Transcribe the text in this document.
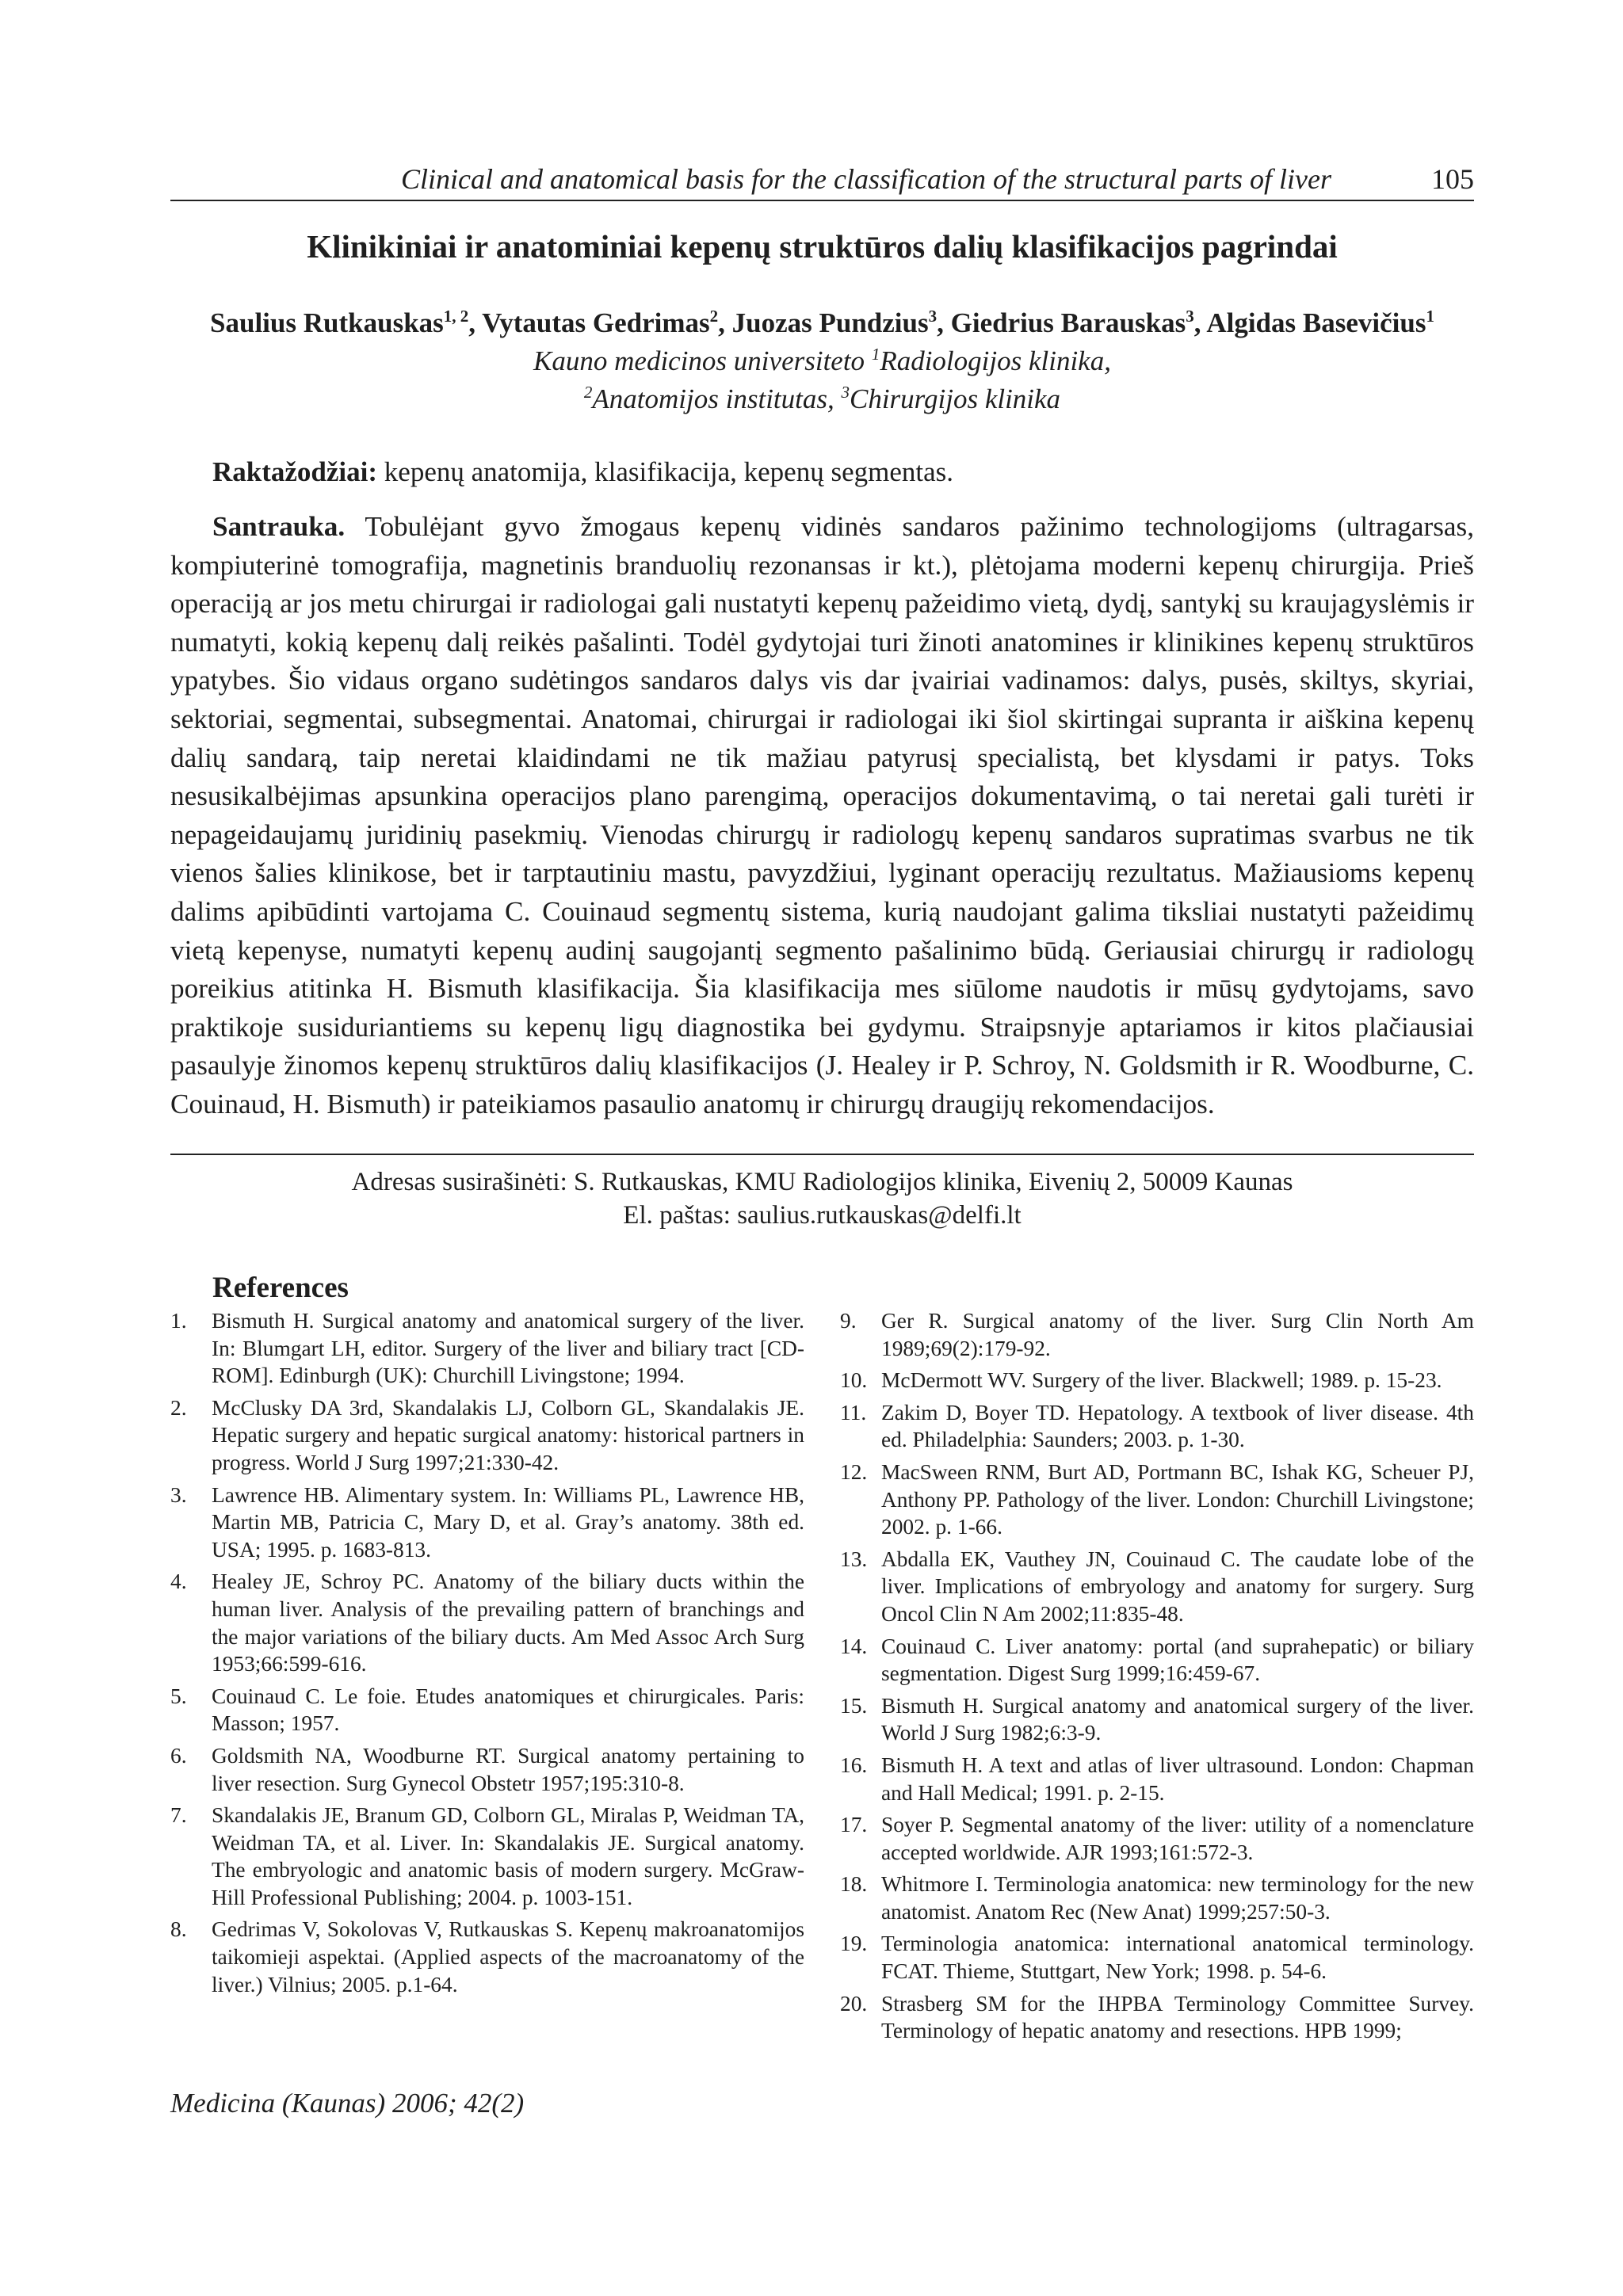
Clinical and anatomical basis for the classification of the structural parts of liver	105
Klinikiniai ir anatominiai kepenų struktūros dalių klasifikacijos pagrindai
Saulius Rutkauskas$^{1, 2}$, Vytautas Gedrimas$^2$, Juozas Pundzius$^3$, Giedrius Barauskas$^3$, Algidas Basevičius$^1$
Kauno medicinos universiteto $^1$Radiologijos klinika,
$^2$Anatomijos institutas, $^3$Chirurgijos klinika
Raktažodžiai: kepenų anatomija, klasifikacija, kepenų segmentas.

Santrauka. Tobulėjant gyvo žmogaus kepenų vidinės sandaros pažinimo technologijoms (ultragarsas, kompiuterinė tomografija, magnetinis branduolių rezonansas ir kt.), plėtojama moderni kepenų chirurgija. Prieš operaciją ar jos metu chirurgai ir radiologai gali nustatyti kepenų pažeidimo vietą, dydį, santykį su kraujagyslėmis ir numatyti, kokią kepenų dalį reikės pašalinti. Todėl gydytojai turi žinoti anatomines ir klinikines kepenų struktūros ypatybes. Šio vidaus organo sudėtingos sandaros dalys vis dar įvairiai vadinamos: dalys, pusės, skiltys, skyriai, sektoriai, segmentai, subsegmentai. Anatomai, chirurgai ir radiologai iki šiol skirtingai supranta ir aiškina kepenų dalių sandarą, taip neretai klaidindami ne tik mažiau patyrusį specialistą, bet klysdami ir patys. Toks nesusikalbėjimas apsunkina operacijos plano parengimą, operacijos dokumentavimą, o tai neretai gali turėti ir nepageidaujamų juridinių pasekmių. Vienodas chirurgų ir radiologų kepenų sandaros supratimas svarbus ne tik vienos šalies klinikose, bet ir tarptautiniu mastu, pavyzdžiui, lyginant operacijų rezultatus. Mažiausioms kepenų dalims apibūdinti vartojama C. Couinaud segmentų sistema, kurią naudojant galima tiksliai nustatyti pažeidimų vietą kepenyse, numatyti kepenų audinį saugojantį segmento pašalinimo būdą. Geriausiai chirurgų ir radiologų poreikius atitinka H. Bismuth klasifikacija. Šia klasifikacija mes siūlome naudotis ir mūsų gydytojams, savo praktikoje susiduriantiems su kepenų ligų diagnostika bei gydymu. Straipsnyje aptariamos ir kitos plačiausiai pasaulyje žinomos kepenų struktūros dalių klasifikacijos (J. Healey ir P. Schroy, N. Goldsmith ir R. Woodburne, C. Couinaud, H. Bismuth) ir pateikiamos pasaulio anatomų ir chirurgų draugijų rekomendacijos.

Adresas susirašinėti: S. Rutkauskas, KMU Radiologijos klinika, Eivenių 2, 50009 Kaunas
El. paštas: saulius.rutkauskas@delfi.lt
References
1.	Bismuth H. Surgical anatomy and anatomical surgery of the liver. In: Blumgart LH, editor. Surgery of the liver and biliary tract [CD-ROM]. Edinburgh (UK): Churchill Livingstone; 1994.
2.	McClusky DA 3rd, Skandalakis LJ, Colborn GL, Skandalakis JE. Hepatic surgery and hepatic surgical anatomy: historical partners in progress. World J Surg 1997;21:330-42.
3.	Lawrence HB. Alimentary system. In: Williams PL, Lawrence HB, Martin MB, Patricia C, Mary D, et al. Gray’s anatomy. 38th ed. USA; 1995. p. 1683-813.
4.	Healey JE, Schroy PC. Anatomy of the biliary ducts within the human liver. Analysis of the prevailing pattern of branchings and the major variations of the biliary ducts. Am Med Assoc Arch Surg 1953;66:599-616.
5.	Couinaud C. Le foie. Etudes anatomiques et chirurgicales. Paris: Masson; 1957.
6.	Goldsmith NA, Woodburne RT. Surgical anatomy pertaining to liver resection. Surg Gynecol Obstetr 1957;195:310-8.
7.	Skandalakis JE, Branum GD, Colborn GL, Miralas P, Weidman TA, Weidman TA, et al. Liver. In: Skandalakis JE. Surgical anatomy. The embryologic and anatomic basis of modern surgery. McGraw-Hill Professional Publishing; 2004. p. 1003-151.
8.	Gedrimas V, Sokolovas V, Rutkauskas S. Kepenų makroanatomijos taikomieji aspektai. (Applied aspects of the macroanatomy of the liver.) Vilnius; 2005. p.1-64.
9.	Ger R. Surgical anatomy of the liver. Surg Clin North Am 1989;69(2):179-92.
10. McDermott WV. Surgery of the liver. Blackwell; 1989. p. 15-23.
11. Zakim D, Boyer TD. Hepatology. A textbook of liver disease. 4th ed. Philadelphia: Saunders; 2003. p. 1-30.
12. MacSween RNM, Burt AD, Portmann BC, Ishak KG, Scheuer PJ, Anthony PP. Pathology of the liver. London: Churchill Livingstone; 2002. p. 1-66.
13. Abdalla EK, Vauthey JN, Couinaud C. The caudate lobe of the liver. Implications of embryology and anatomy for surgery. Surg Oncol Clin N Am 2002;11:835-48.
14. Couinaud C. Liver anatomy: portal (and suprahepatic) or biliary segmentation. Digest Surg 1999;16:459-67.
15. Bismuth H. Surgical anatomy and anatomical surgery of the liver. World J Surg 1982;6:3-9.
16. Bismuth H. A text and atlas of liver ultrasound. London: Chapman and Hall Medical; 1991. p. 2-15.
17. Soyer P. Segmental anatomy of the liver: utility of a nomenclature accepted worldwide. AJR 1993;161:572-3.
18. Whitmore I. Terminologia anatomica: new terminology for the new anatomist. Anatom Rec (New Anat) 1999;257:50-3.
19. Terminologia anatomica: international anatomical terminology. FCAT. Thieme, Stuttgart, New York; 1998. p. 54-6.
20. Strasberg SM for the IHPBA Terminology Committee Survey. Terminology of hepatic anatomy and resections. HPB 1999;
Medicina (Kaunas) 2006; 42(2)
